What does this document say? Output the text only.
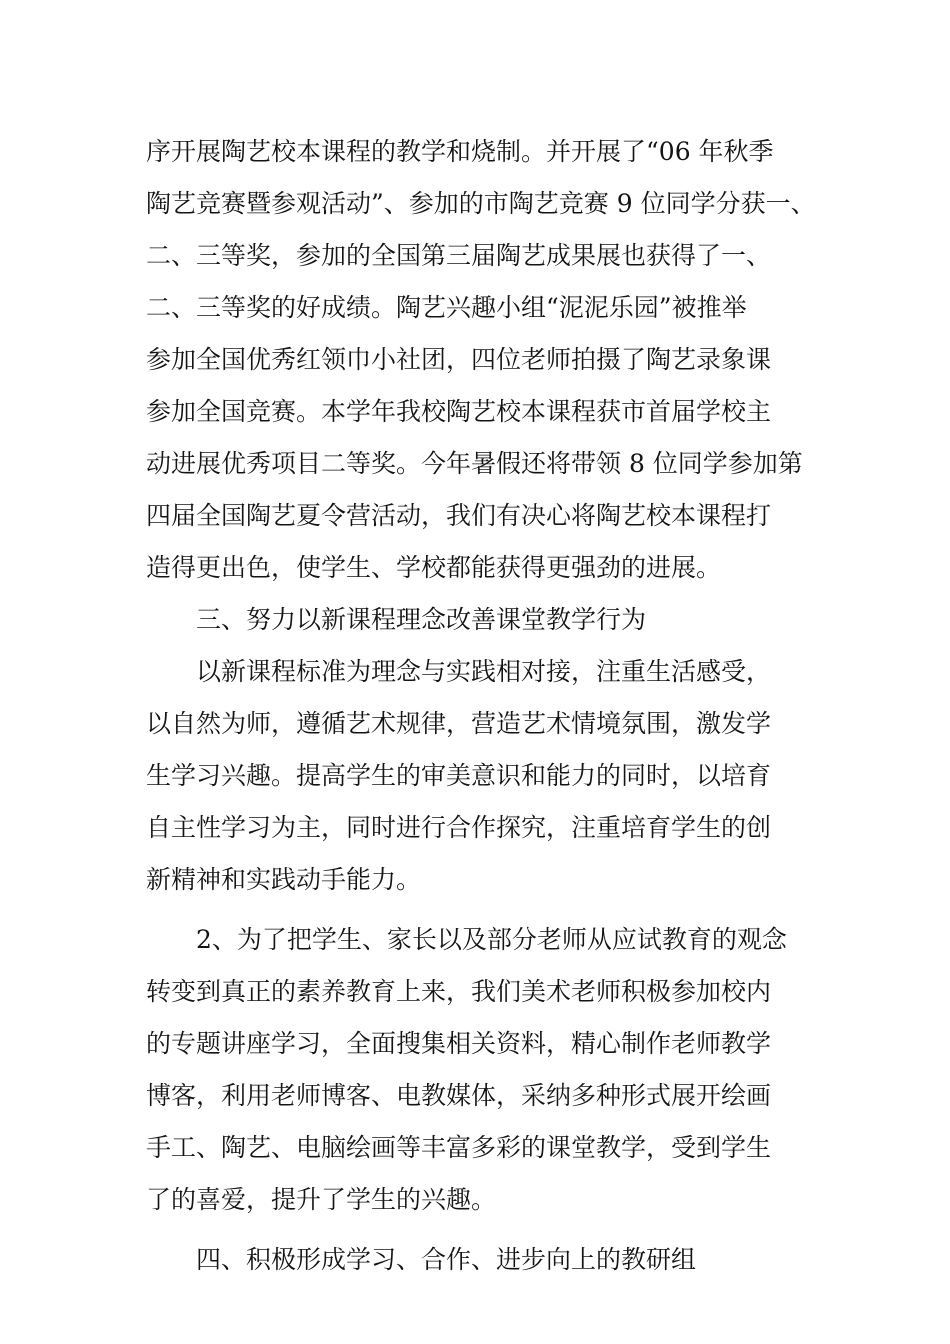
序开展陶艺校本课程的教学和烧制。并开展了“06 年秋季
陶艺竞赛暨参观活动”、参加的市陶艺竞赛 9 位同学分获一、
二、三等奖，参加的全国第三届陶艺成果展也获得了一、
二、三等奖的好成绩。陶艺兴趣小组“泥泥乐园”被推举
参加全国优秀红领巾小社团，四位老师拍摄了陶艺录象课
参加全国竞赛。本学年我校陶艺校本课程获市首届学校主
动进展优秀项目二等奖。今年暑假还将带领 8 位同学参加第
四届全国陶艺夏令营活动，我们有决心将陶艺校本课程打
造得更出色，使学生、学校都能获得更强劲的进展。
三、努力以新课程理念改善课堂教学行为
以新课程标准为理念与实践相对接，注重生活感受，
以自然为师，遵循艺术规律，营造艺术情境氛围，激发学
生学习兴趣。提高学生的审美意识和能力的同时，以培育
自主性学习为主，同时进行合作探究，注重培育学生的创
新精神和实践动手能力。
2、为了把学生、家长以及部分老师从应试教育的观念
转变到真正的素养教育上来，我们美术老师积极参加校内
的专题讲座学习，全面搜集相关资料，精心制作老师教学
博客，利用老师博客、电教媒体，采纳多种形式展开绘画
手工、陶艺、电脑绘画等丰富多彩的课堂教学，受到学生
了的喜爱，提升了学生的兴趣。
四、积极形成学习、合作、进步向上的教研组
